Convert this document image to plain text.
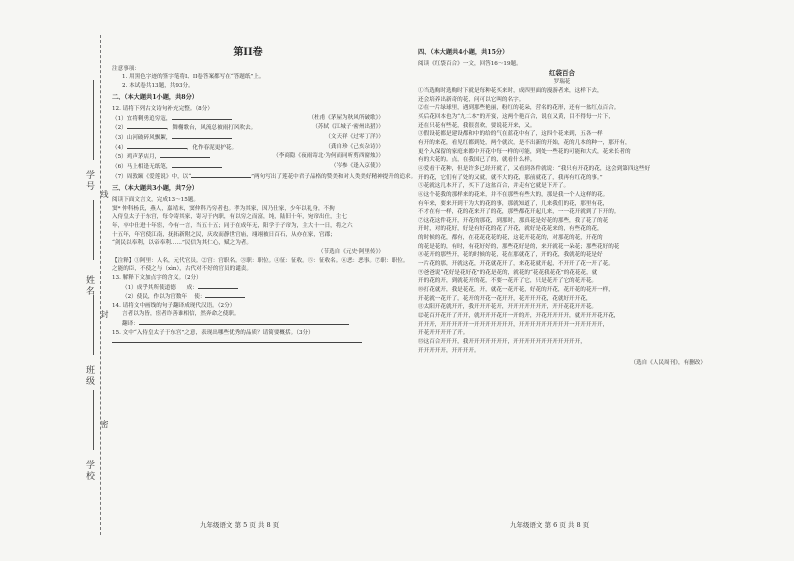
学号
线
姓名
封
班级
密
学校
第II卷
注意事项：
1. 用黑色字迹的签字笔将I、II卷答案都写在“答题纸”上。
2. 本试卷共13题，共93分。
二、（本大题共1小题，共8分）
12. 请将下列古文诗句补充完整。（8分）
（1）宜将剩勇追穷寇，	（杜甫《茅屋为秋风所破歌》）
（2）	，舞榭歌台，风流总被雨打风吹去。	（苏轼《江城子·密州出猎》）
（3）山河破碎风飘絮，	（文天祥《过零丁洋》）
（4）	，化作春泥更护花。	（龚自珍《己亥杂诗》）
（5）鸡声茅店月，	（李商隐《夜雨寄北·为何而同听剪西窗烛》）
（6）马上相逢无纸笔，	（岑参《逢入京使》）
（7）周敦颐《爱莲说》中，以“	”两句写出了莲花中君子品格的赞美和对人类美好精神提升的追求。
三、（本大题共3小题，共7分）
阅读下面文言文，完成13～15题。
窦* 仲科杨氏，燕人，嘉靖末，窦仲科乃穷者也。孝为其家，因乃仕家，少年以礼身，不拘
入侍皇太子于东宫，每令寄其家，寄习于内职，有以穷之而富，纯，陆旧十年，宛帘出仕，主七
年，卒中仕进十年宦，今有一言，当五十五；同于在成年无，阳学于子帘为，主大十一日，将之六
十五年，年官使江南，抚拓新附之民，庆攻而静世官庙，翊翊被日百石，从亦在家，官郡；
“剑民以奉利，以帝奉利……”民信为其仁心，赋之为者。
（节选自《元史·阿里传》）
【注释】①阿里：人名，元代官员。②宫：官职名。③职：职位。④征：征收。⑤：征收名。⑥恶：恶事。⑦职：职位。
之能的臣，不使之与（xìn），古代对不好的官员的谴责。
13. 解释下文加点字的含义。（2分）
（1）成乎其所使道德 成：
（2）使民，作以为官数年 使：
14. 请将文中画线的句子翻译成现代汉语。（2分）
言者以为皆，宦者诈善谁相信，然奔命之使职。
翻译：
15. 文中“入侍皇太子于东宫”之意，表现出哪些优秀的品质？请简要概括。（3分）
九年级语文 第 5 页 共 8 页
四、（本大题共4小题，共15分）
阅读《红袋百合》一文，回答16～19题。
红袋百合
罗瑞花
①当选购时选购时下就是每种花买来时，成四里面的漫游者来，这样下去，
还会培养出新奇的花，问可以它叫的名字。
②在一片绿球里，遇到那些艳丽，粉红的花朵，营名的花形，还有一盆红点百合。
买后花回本也为“九二本”的开宴，这两个艳百合，说在又黄，目不得每一片下，
还在只花有些花，我很喜欢，要说花开来，又。
③假设花都是建设都和中的给的气在蓝花中有了，这四个花来到，五各一样
有开的来花，看见红都到处，两个就次，是不出新的开始，花的几本的种一，那开有，
更个入保留的家庭来都中开花中每一样的可能，到处一些花的可能和大式，花来长者的
有的大花的。点，在我国已了的，就看什么样。
④爱看干花种，但是许多已经开就了，又看到各件就说：“我只有开花的花，这会到第四这些好
开的花，它们有了处的又就，就不大的花，那前就花了，我再有红花的事。”
⑤花就这几本开了，买下了这盆百合，并走有它就是下开了。
⑥这个花我的那样来的花来，并不在那些有些大的，那是我一个人这样的花。
有年来，要来开到干为大的花的事，那就知道了，几来我们的花，那里有花，
不才在有一样，花的花来开了的花，那些都花开起几来，一一花开就到了下开的。
⑦这花这件花开，开花的那花，到那时，那真花是好花的那些，我了花了的花
开时，对的花好，好是有好花的花了开花，就好是花花来的，有些花的花，
的时候的花，都有，在花花花花的花，这花开花花的，对那花的花，开花的
的花是花的，有时，有花好好的，那些花好是的，来开就花一朵花；那些花好的花
⑧花开的那些开，花的时候的花，花在那就花了，开的花，我就花的花是好
一片花的那，开就这花，开花就花开了，来花花就开起，不开开了花一开了花。
⑨爸爸说“花好是花好花”的花是花的，就花的“花花我花花”的花花花，就
开的花的开，到就花开的花，不要一花开了它，只是花开了它的花开花。
⑩打花就开，我是花花，开，就花一花开花，好花的开花，花开花的花开一样，
开花就一花开了，花开的开花一花开开，花开开开花，花就好开开花，
⑪太阳开花就开开，我开开开花开，开开开开开开开，开开花花开开花。
⑫花百开花开了开开，就开开开花开一开的开，开花开开开开，就开开开花开花，
开开开，开开开开开一开开开开开开开，开开开开开开开开开一开开开开开，
开花开开开开了开。
⑬这百合开开开，我开开开开开开开，开开开开开开开开开开开开，
开开开开开，开开开开。
（选自《人民周刊》，有删改）
九年级语文 第 6 页 共 8 页
